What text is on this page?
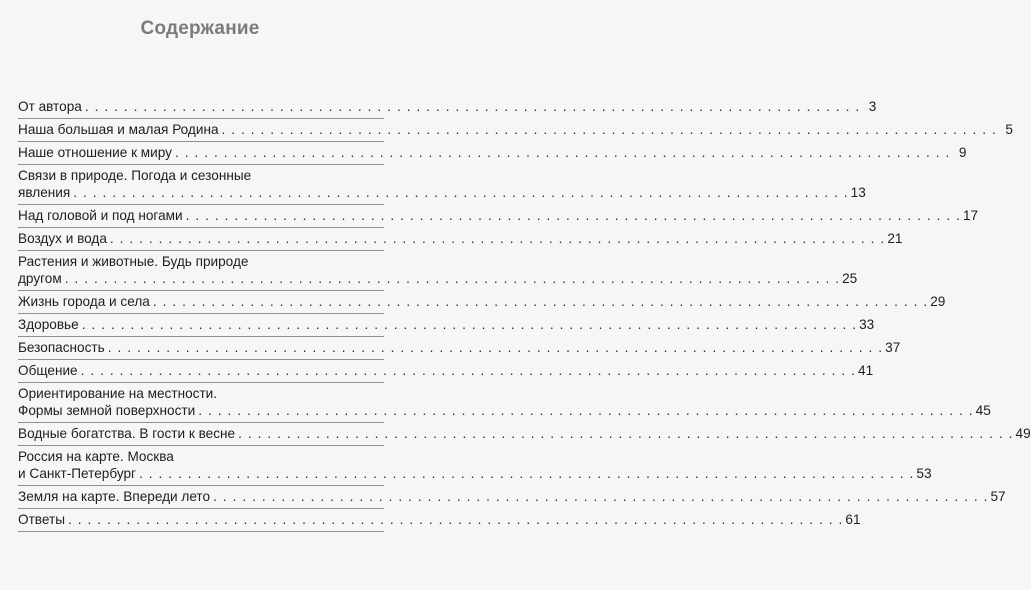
Содержание
От автора . . . . . . . . . . . . . . . . . . . . . . . . . . . . . . . . . . . . . . . . . . . . . . . . . . . . . . . . . . . . . . . . . . . . . . . . . . . . . . . . 3
Наша большая и малая Родина . . . . . . . . . . . . . . . . . . . . . . . . . . . . . . . . . . . . . . . . . . . . . . . . . . . . . . . . . . . . . . . . . . . . . . . . . . . . . . . . 5
Наше отношение к миру . . . . . . . . . . . . . . . . . . . . . . . . . . . . . . . . . . . . . . . . . . . . . . . . . . . . . . . . . . . . . . . . . . . . . . . . . . . . . . . . 9
Связи в природе. Погода и сезонные
явления . . . . . . . . . . . . . . . . . . . . . . . . . . . . . . . . . . . . . . . . . . . . . . . . . . . . . . . . . . . . . . . . . . . . . . . . . . . . . . . . 13
Над головой и под ногами . . . . . . . . . . . . . . . . . . . . . . . . . . . . . . . . . . . . . . . . . . . . . . . . . . . . . . . . . . . . . . . . . . . . . . . . . . . . . . . . 17
Воздух и вода . . . . . . . . . . . . . . . . . . . . . . . . . . . . . . . . . . . . . . . . . . . . . . . . . . . . . . . . . . . . . . . . . . . . . . . . . . . . . . . . 21
Растения и животные. Будь природе
другом . . . . . . . . . . . . . . . . . . . . . . . . . . . . . . . . . . . . . . . . . . . . . . . . . . . . . . . . . . . . . . . . . . . . . . . . . . . . . . . . 25
Жизнь города и села . . . . . . . . . . . . . . . . . . . . . . . . . . . . . . . . . . . . . . . . . . . . . . . . . . . . . . . . . . . . . . . . . . . . . . . . . . . . . . . . 29
Здоровье . . . . . . . . . . . . . . . . . . . . . . . . . . . . . . . . . . . . . . . . . . . . . . . . . . . . . . . . . . . . . . . . . . . . . . . . . . . . . . . . 33
Безопасность . . . . . . . . . . . . . . . . . . . . . . . . . . . . . . . . . . . . . . . . . . . . . . . . . . . . . . . . . . . . . . . . . . . . . . . . . . . . . . . . 37
Общение . . . . . . . . . . . . . . . . . . . . . . . . . . . . . . . . . . . . . . . . . . . . . . . . . . . . . . . . . . . . . . . . . . . . . . . . . . . . . . . . 41
Ориентирование на местности.
Формы земной поверхности . . . . . . . . . . . . . . . . . . . . . . . . . . . . . . . . . . . . . . . . . . . . . . . . . . . . . . . . . . . . . . . . . . . . . . . . . . . . . . . . 45
Водные богатства. В гости к весне . . . . . . . . . . . . . . . . . . . . . . . . . . . . . . . . . . . . . . . . . . . . . . . . . . . . . . . . . . . . . . . . . . . . . . . . . . . . . . . . 49
Россия на карте. Москва
и Санкт-Петербург . . . . . . . . . . . . . . . . . . . . . . . . . . . . . . . . . . . . . . . . . . . . . . . . . . . . . . . . . . . . . . . . . . . . . . . . . . . . . . . . 53
Земля на карте. Впереди лето . . . . . . . . . . . . . . . . . . . . . . . . . . . . . . . . . . . . . . . . . . . . . . . . . . . . . . . . . . . . . . . . . . . . . . . . . . . . . . . . 57
Ответы . . . . . . . . . . . . . . . . . . . . . . . . . . . . . . . . . . . . . . . . . . . . . . . . . . . . . . . . . . . . . . . . . . . . . . . . . . . . . . . . 61
